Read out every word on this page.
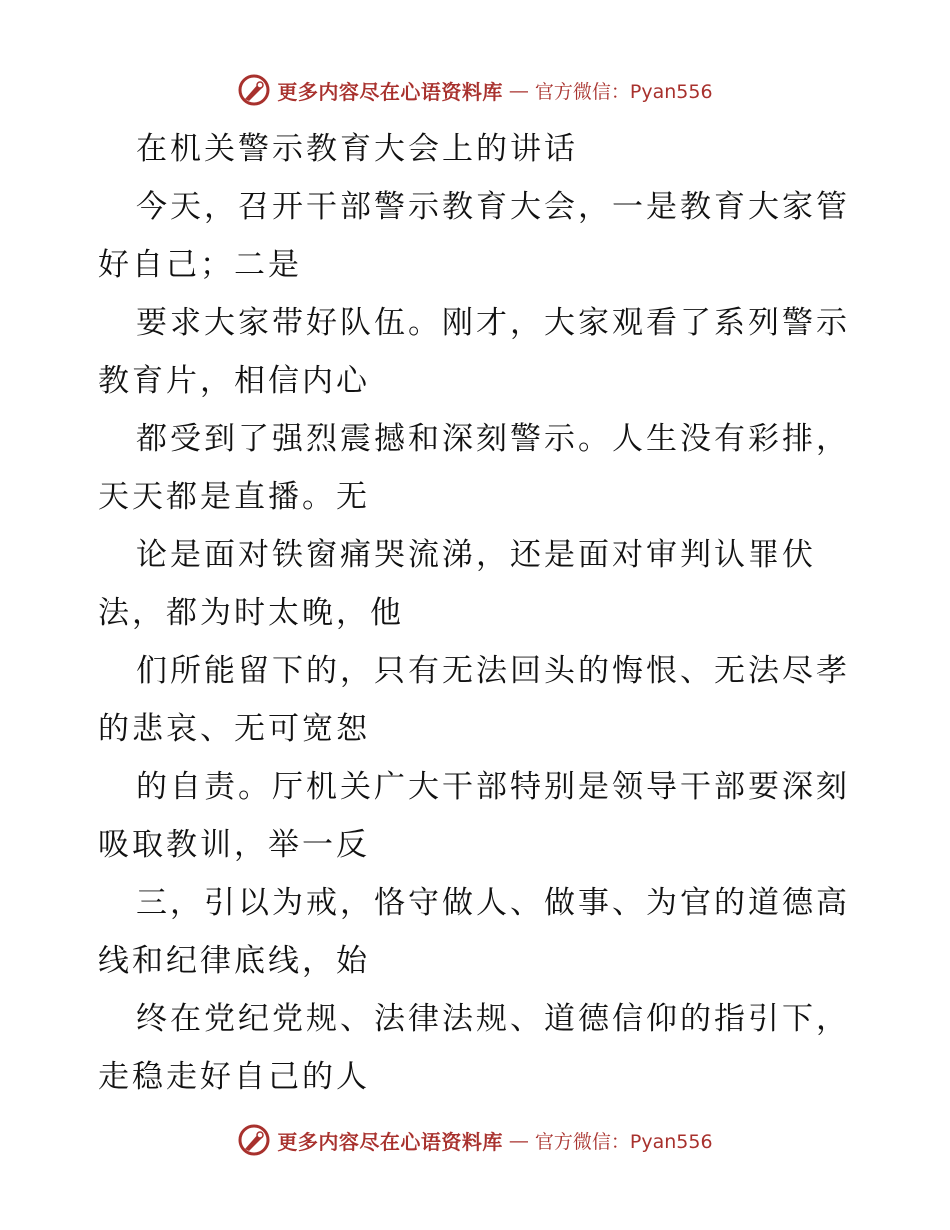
更多内容尽在心语资料库 — 官方微信：Pyan556
在机关警示教育大会上的讲话
今天，召开干部警示教育大会，一是教育大家管
好自己；二是
要求大家带好队伍。刚才，大家观看了系列警示
教育片，相信内心
都受到了强烈震撼和深刻警示。人生没有彩排，
天天都是直播。无
论是面对铁窗痛哭流涕，还是面对审判认罪伏
法，都为时太晚，他
们所能留下的，只有无法回头的悔恨、无法尽孝
的悲哀、无可宽恕
的自责。厅机关广大干部特别是领导干部要深刻
吸取教训，举一反
三，引以为戒，恪守做人、做事、为官的道德高
线和纪律底线，始
终在党纪党规、法律法规、道德信仰的指引下，
走稳走好自己的人
更多内容尽在心语资料库 — 官方微信：Pyan556
